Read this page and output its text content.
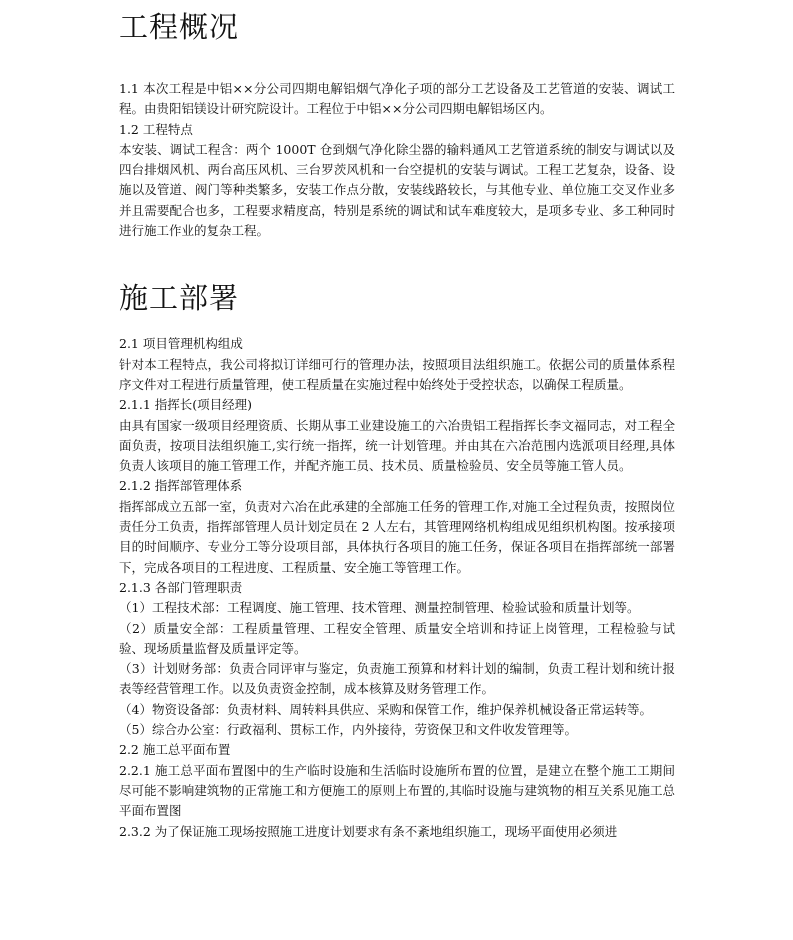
工程概况

1.1 本次工程是中铝××分公司四期电解铝烟气净化子项的部分工艺设备及工艺管道的安装、调试工程。由贵阳铝镁设计研究院设计。工程位于中铝××分公司四期电解铝场区内。

1.2 工程特点

本安装、调试工程含：两个 1000T 仓到烟气净化除尘器的输料通风工艺管道系统的制安与调试以及四台排烟风机、两台高压风机、三台罗茨风机和一台空提机的安装与调试。工程工艺复杂，设备、设施以及管道、阀门等种类繁多，安装工作点分散，安装线路较长，与其他专业、单位施工交叉作业多并且需要配合也多，工程要求精度高，特别是系统的调试和试车难度较大，是项多专业、多工种同时进行施工作业的复杂工程。

施工部署

2.1 项目管理机构组成

针对本工程特点，我公司将拟订详细可行的管理办法，按照项目法组织施工。依据公司的质量体系程序文件对工程进行质量管理，使工程质量在实施过程中始终处于受控状态，以确保工程质量。

2.1.1 指挥长(项目经理)

由具有国家一级项目经理资质、长期从事工业建设施工的六冶贵铝工程指挥长李文福同志，对工程全面负责，按项目法组织施工,实行统一指挥，统一计划管理。并由其在六冶范围内选派项目经理,具体负责人该项目的施工管理工作，并配齐施工员、技术员、质量检验员、安全员等施工管人员。

2.1.2 指挥部管理体系

指挥部成立五部一室，负责对六冶在此承建的全部施工任务的管理工作,对施工全过程负责，按照岗位责任分工负责，指挥部管理人员计划定员在 2 人左右，其管理网络机构组成见组织机构图。按承接项目的时间顺序、专业分工等分设项目部，具体执行各项目的施工任务，保证各项目在指挥部统一部署下，完成各项目的工程进度、工程质量、安全施工等管理工作。

2.1.3 各部门管理职责

（1）工程技术部：工程调度、施工管理、技术管理、测量控制管理、检验试验和质量计划等。

（2）质量安全部：工程质量管理、工程安全管理、质量安全培训和持证上岗管理，工程检验与试验、现场质量监督及质量评定等。

（3）计划财务部：负责合同评审与鉴定，负责施工预算和材料计划的编制，负责工程计划和统计报表等经营管理工作。以及负责资金控制，成本核算及财务管理工作。

（4）物资设备部：负责材料、周转料具供应、采购和保管工作，维护保养机械设备正常运转等。

（5）综合办公室：行政福利、贯标工作，内外接待，劳资保卫和文件收发管理等。

2.2 施工总平面布置

2.2.1 施工总平面布置图中的生产临时设施和生活临时设施所布置的位置，是建立在整个施工工期间尽可能不影响建筑物的正常施工和方便施工的原则上布置的,其临时设施与建筑物的相互关系见施工总平面布置图

2.3.2 为了保证施工现场按照施工进度计划要求有条不紊地组织施工，现场平面使用必须进
